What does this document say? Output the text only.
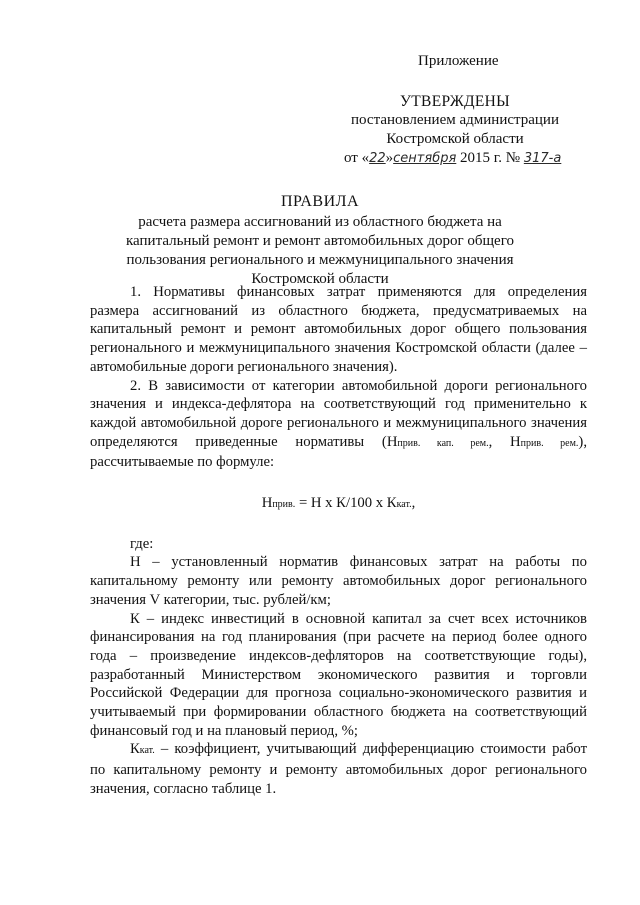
Приложение
УТВЕРЖДЕНЫ
постановлением администрации
Костромской области
от «22»сентября 2015 г. № 317-а
ПРАВИЛА
расчета размера ассигнований из областного бюджета на капитальный ремонт и ремонт автомобильных дорог общего пользования регионального и межмуниципального значения Костромской области

1. Нормативы финансовых затрат применяются для определения размера ассигнований из областного бюджета, предусматриваемых на капитальный ремонт и ремонт автомобильных дорог общего пользования регионального и межмуниципального значения Костромской области (далее – автомобильные дороги регионального значения).

2. В зависимости от категории автомобильной дороги регионального значения и индекса-дефлятора на соответствующий год применительно к каждой автомобильной дороге регионального и межмуниципального значения определяются приведенные нормативы (Нприв. кап. рем., Нприв. рем.), рассчитываемые по формуле:

Нприв. = Н x К/100 x Ккат.,

где:

Н – установленный норматив финансовых затрат на работы по капитальному ремонту или ремонту автомобильных дорог регионального значения V категории, тыс. рублей/км;

К – индекс инвестиций в основной капитал за счет всех источников финансирования на год планирования (при расчете на период более одного года – произведение индексов-дефляторов на соответствующие годы), разработанный Министерством экономического развития и торговли Российской Федерации для прогноза социально-экономического развития и учитываемый при формировании областного бюджета на соответствующий финансовый год и на плановый период, %;

Ккат. – коэффициент, учитывающий дифференциацию стоимости работ по капитальному ремонту и ремонту автомобильных дорог регионального значения, согласно таблице 1.
